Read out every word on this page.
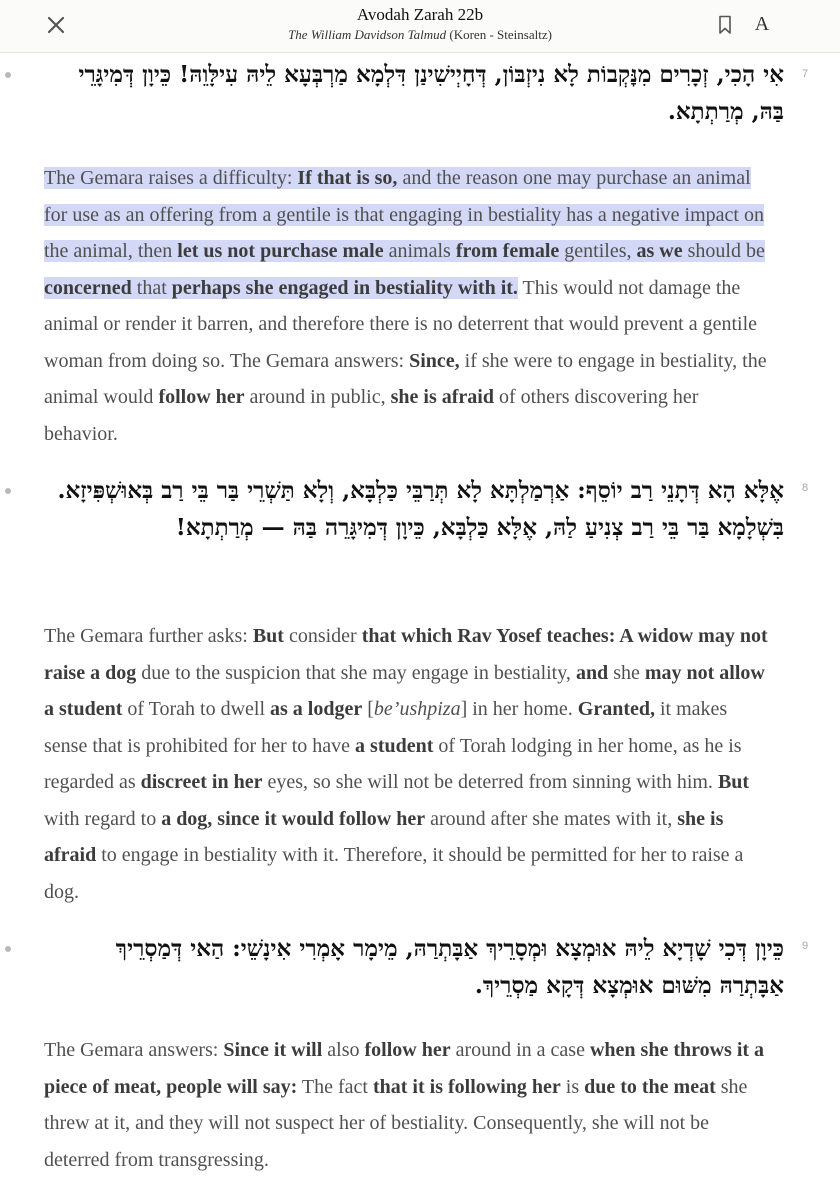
Avodah Zarah 22b
The William Davidson Talmud (Koren - Steinsaltz)	A
7
אִי הָכִי, זְכָרִים מִנׇּקְבוֹת לָא נִיזְבּוֹן, דְּחָיְישִׁינַן דִּלְמָא מַרְבְּעָא לֵיהּ עִילָּוֵהּ! כֵּיוָן דְּמִיגָּרֵי בַּהּ, מְרַתְתָא.
The Gemara raises a difficulty: If that is so, and the reason one may purchase an animal for use as an offering from a gentile is that engaging in bestiality has a negative impact on the animal, then let us not purchase male animals from female gentiles, as we should be concerned that perhaps she engaged in bestiality with it. This would not damage the animal or render it barren, and therefore there is no deterrent that would prevent a gentile woman from doing so. The Gemara answers: Since, if she were to engage in bestiality, the animal would follow her around in public, she is afraid of others discovering her behavior.
8
אֶלָּא הָא דְּתָנֵי רַב יוֹסֵף: אַרְמַלְתָּא לָא תְּרַבֵּי כַּלְבָּא, וְלָא תַּשְׁרֵי בַּר בֵּי רַב בְּאוּשְׁפִּיזָא. בִּשְׁלָמָא בַּר בֵּי רַב צְנִיעַ לַהּ, אֶלָּא כַּלְבָּא, כֵּיוָן דְּמִיגָּרֵה בַּהּ — מְרַתְתָא!
The Gemara further asks: But consider that which Rav Yosef teaches: A widow may not raise a dog due to the suspicion that she may engage in bestiality, and she may not allow a student of Torah to dwell as a lodger [be’ushpiza] in her home. Granted, it makes sense that is prohibited for her to have a student of Torah lodging in her home, as he is regarded as discreet in her eyes, so she will not be deterred from sinning with him. But with regard to a dog, since it would follow her around after she mates with it, she is afraid to engage in bestiality with it. Therefore, it should be permitted for her to raise a dog.
9
כֵּיוָן דְּכִי שָׁדְיָא לֵיהּ אוּמְצָא וּמְסָרֵיךְ אַבָּתְרַהּ, מֵימָר אָמְרִי אִינָשֵׁי: הַאי דְּמַסְרֵיךְ אַבָּתְרַהּ מִשּׁוּם אוּמְצָא דְּקָא מַסְרֵיךְ.
The Gemara answers: Since it will also follow her around in a case when she throws it a piece of meat, people will say: The fact that it is following her is due to the meat she threw at it, and they will not suspect her of bestiality. Consequently, she will not be deterred from transgressing.
